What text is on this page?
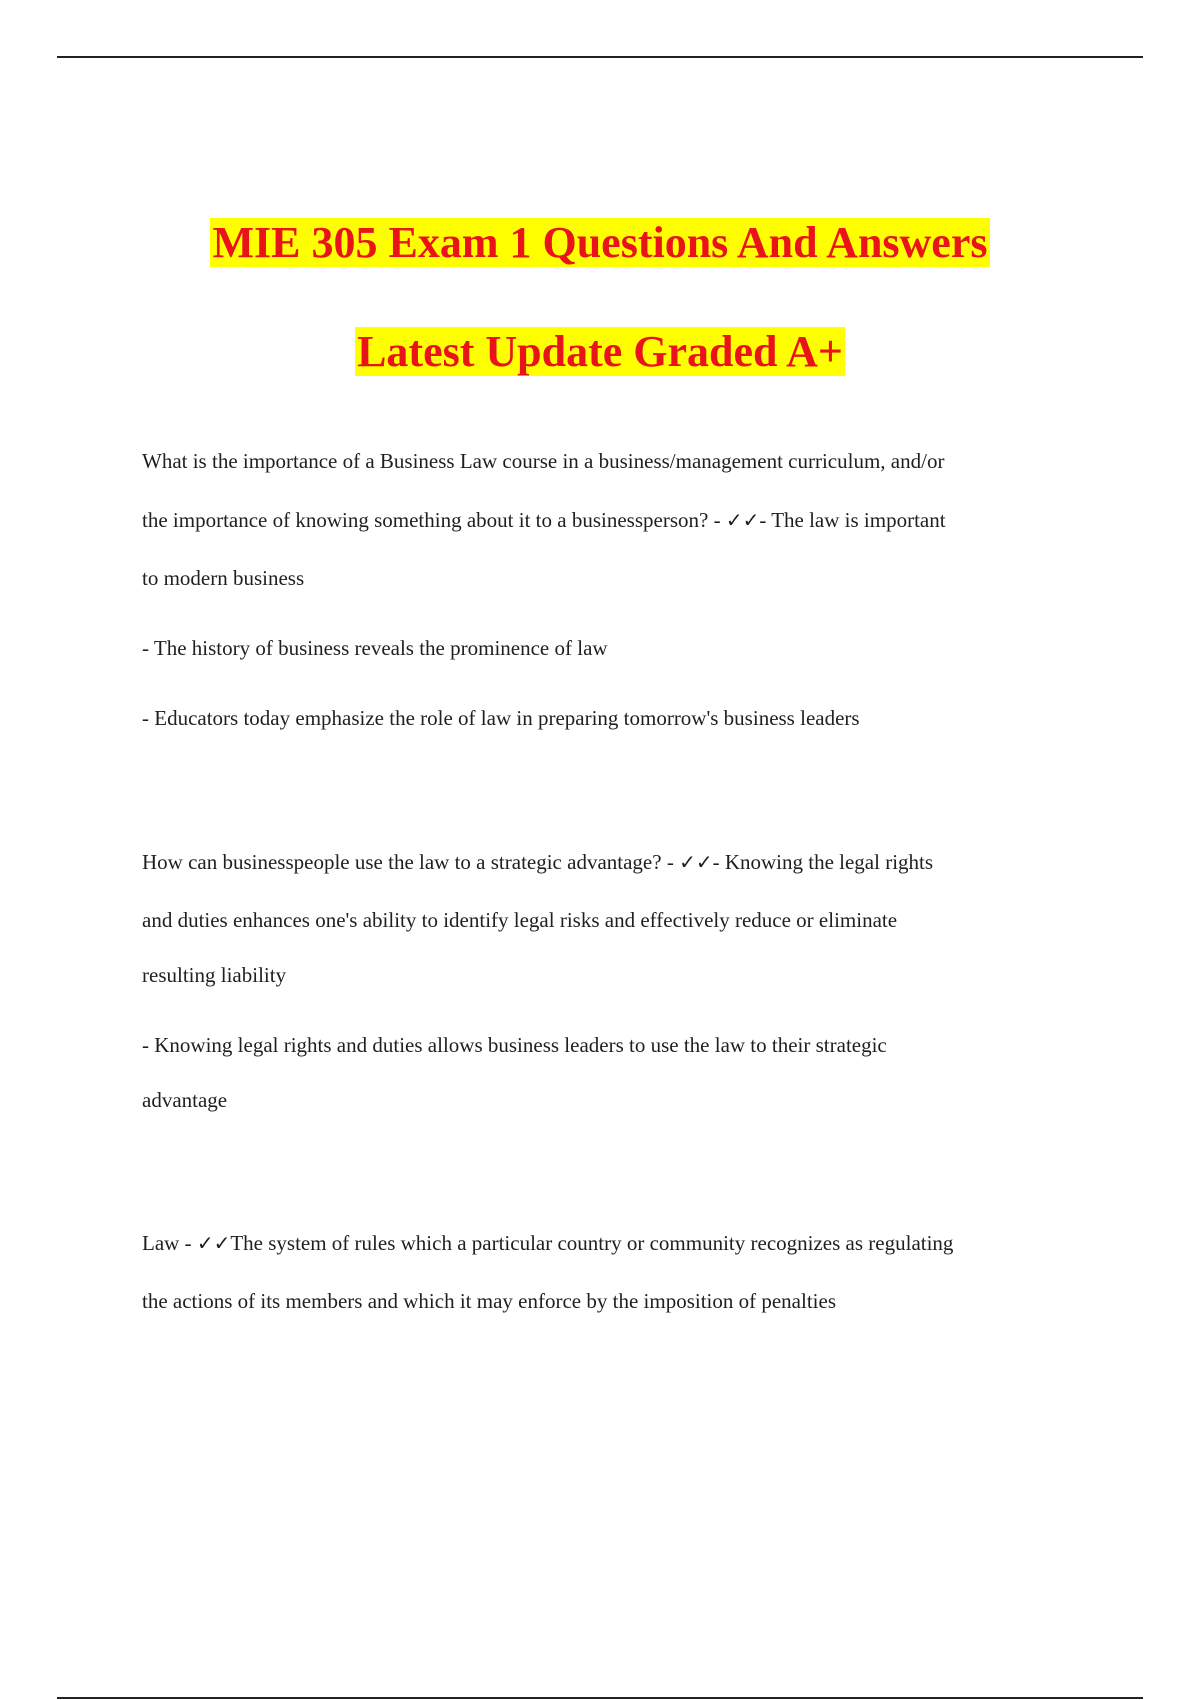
MIE 305 Exam 1 Questions And Answers
Latest Update Graded A+
What is the importance of a Business Law course in a business/management curriculum, and/or
the importance of knowing something about it to a businessperson? - ✓✓- The law is important
to modern business
- The history of business reveals the prominence of law
- Educators today emphasize the role of law in preparing tomorrow's business leaders
How can businesspeople use the law to a strategic advantage? - ✓✓- Knowing the legal rights
and duties enhances one's ability to identify legal risks and effectively reduce or eliminate
resulting liability
- Knowing legal rights and duties allows business leaders to use the law to their strategic
advantage
Law - ✓✓The system of rules which a particular country or community recognizes as regulating
the actions of its members and which it may enforce by the imposition of penalties
